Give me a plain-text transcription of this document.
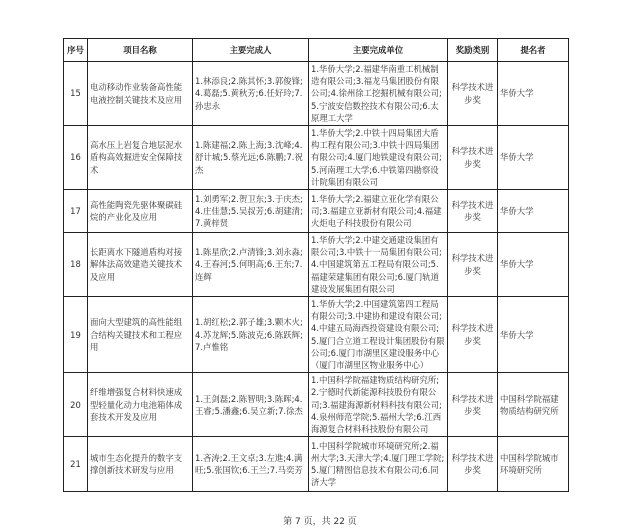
序号	项目名称	主要完成人	主要完成单位	奖励类别	提名者
15	电动移动作业装备高性能电液控制关键技术及应用	1.林添良;2.陈其怀;3.郭俊锋;4.葛磊;5.黄秋芳;6.任好玲;7.孙忠永	1.华侨大学;2.福建华南重工机械制造有限公司;3.福龙马集团股份有限公司;4.徐州徐工挖掘机械有限公司;5.宁波安信数控技术有限公司;6.太原理工大学	科学技术进步奖	华侨大学
16	高水压上岩复合地层泥水盾构高效掘进安全保障技术	1.陈建福;2.陈上海;3.沈峰;4.舒计城;5.蔡光远;6.陈鹏;7.祝杰	1.华侨大学;2.中铁十四局集团大盾构工程有限公司;3.中铁十四局集团有限公司;4.厦门地铁建设有限公司;5.河南理工大学;6.中铁第四勘察设计院集团有限公司	科学技术进步奖	华侨大学
17	高性能陶瓷先驱体聚碳硅烷的产业化及应用	1.刘勇军;2.贺卫东;3.于庆杰;4.庄佳慧;5.吴叔芳;6.胡建清;7.黄梓贤	1.华侨大学;2.福建立亚化学有限公司;3.福建立亚新材有限公司;4.福建火炬电子科技股份有限公司	科学技术进步奖	华侨大学
18	长距离水下隧道盾构对接解体法高效建造关键技术及应用	1.陈星欣;2.卢清锋;3.刘永淼;4.王春河;5.何明高;6.王东;7.连辉	1.华侨大学;2.中建交通建设集团有限公司;3.中铁十一局集团有限公司;4.中国建筑第五工程局有限公司;5.福建荣建集团有限公司;6.厦门轨道建设发展集团有限公司	科学技术进步奖	华侨大学
19	面向大型建筑的高性能组合结构关键技术和工程应用	1.胡红松;2.郭子雄;3.颗木火;4.苏龙辉;5.陈波克;6.陈跃辉;7.卢惟铭	1.华侨大学;2.中国建筑第四工程局有限公司;3.中建协和建设有限公司;4.中建五局海西投资建设有限公司;5.厦门合立道工程设计集团股份有限公司;6.厦门市湖里区建设服务中心（厦门市湖里区物业服务中心）	科学技术进步奖	华侨大学
20	纤维增强复合材料快速成型轻量化动力电池箱体成套技术开发及应用	1.王剑磊;2.陈智明;3.陈晖;4.王睿;5.潘鑫;6.吴立新;7.徐杰	1.中国科学院福建物质结构研究所;2.宁德时代新能源科技股份有限公司;3.福建海源新材料科技有限公司;4.泉州师范学院;5.福州大学;6.江西海源复合材料科技股份有限公司	科学技术进步奖	中国科学院福建物质结构研究所
21	城市生态化提升的数字支撑创新技术研发与应用	1.吝涛;2.王文卓;3.左進;4.满旺;5.张国钦;6.王兰;7.马奕芳	1.中国科学院城市环境研究所;2.福州大学;3.天津大学;4.厦门理工学院;5.厦门精图信息技术有限公司;6.同济大学	科学技术进步奖	中国科学院城市环境研究所
第 7 页，共 22 页
